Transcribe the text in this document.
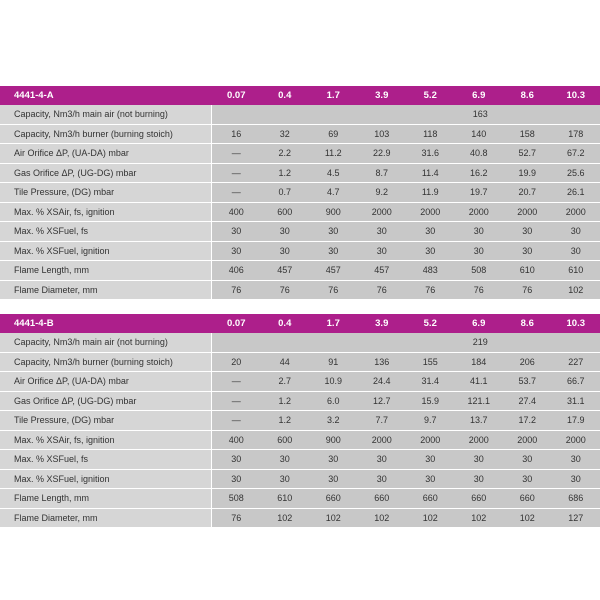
4441-4-A	0.07	0.4	1.7	3.9	5.2	6.9	8.6	10.3
Capacity, Nm3/h main air (not burning)	163							

Capacity, Nm3/h burner (burning stoich)	16	32	69	103	118	140	158	178
Air Orifice ΔP, (UA-DA) mbar	—	2.2	11.2	22.9	31.6	40.8	52.7	67.2
Gas Orifice ΔP, (UG-DG) mbar	—	1.2	4.5	8.7	11.4	16.2	19.9	25.6
Tile Pressure, (DG) mbar	—	0.7	4.7	9.2	11.9	19.7	20.7	26.1
Max. % XSAir, fs, ignition	400	600	900	2000	2000	2000	2000	2000
Max. % XSFuel, fs	30	30	30	30	30	30	30	30
Max. % XSFuel, ignition	30	30	30	30	30	30	30	30
Flame Length, mm	406	457	457	457	483	508	610	610
Flame Diameter, mm	76	76	76	76	76	76	76	102
4441-4-B	0.07	0.4	1.7	3.9	5.2	6.9	8.6	10.3
Capacity, Nm3/h main air (not burning)	219							

Capacity, Nm3/h burner (burning stoich)	20	44	91	136	155	184	206	227
Air Orifice ΔP, (UA-DA) mbar	—	2.7	10.9	24.4	31.4	41.1	53.7	66.7
Gas Orifice ΔP, (UG-DG) mbar	—	1.2	6.0	12.7	15.9	121.1	27.4	31.1
Tile Pressure, (DG) mbar	—	1.2	3.2	7.7	9.7	13.7	17.2	17.9
Max. % XSAir, fs, ignition	400	600	900	2000	2000	2000	2000	2000
Max. % XSFuel, fs	30	30	30	30	30	30	30	30
Max. % XSFuel, ignition	30	30	30	30	30	30	30	30
Flame Length, mm	508	610	660	660	660	660	660	686
Flame Diameter, mm	76	102	102	102	102	102	102	127
